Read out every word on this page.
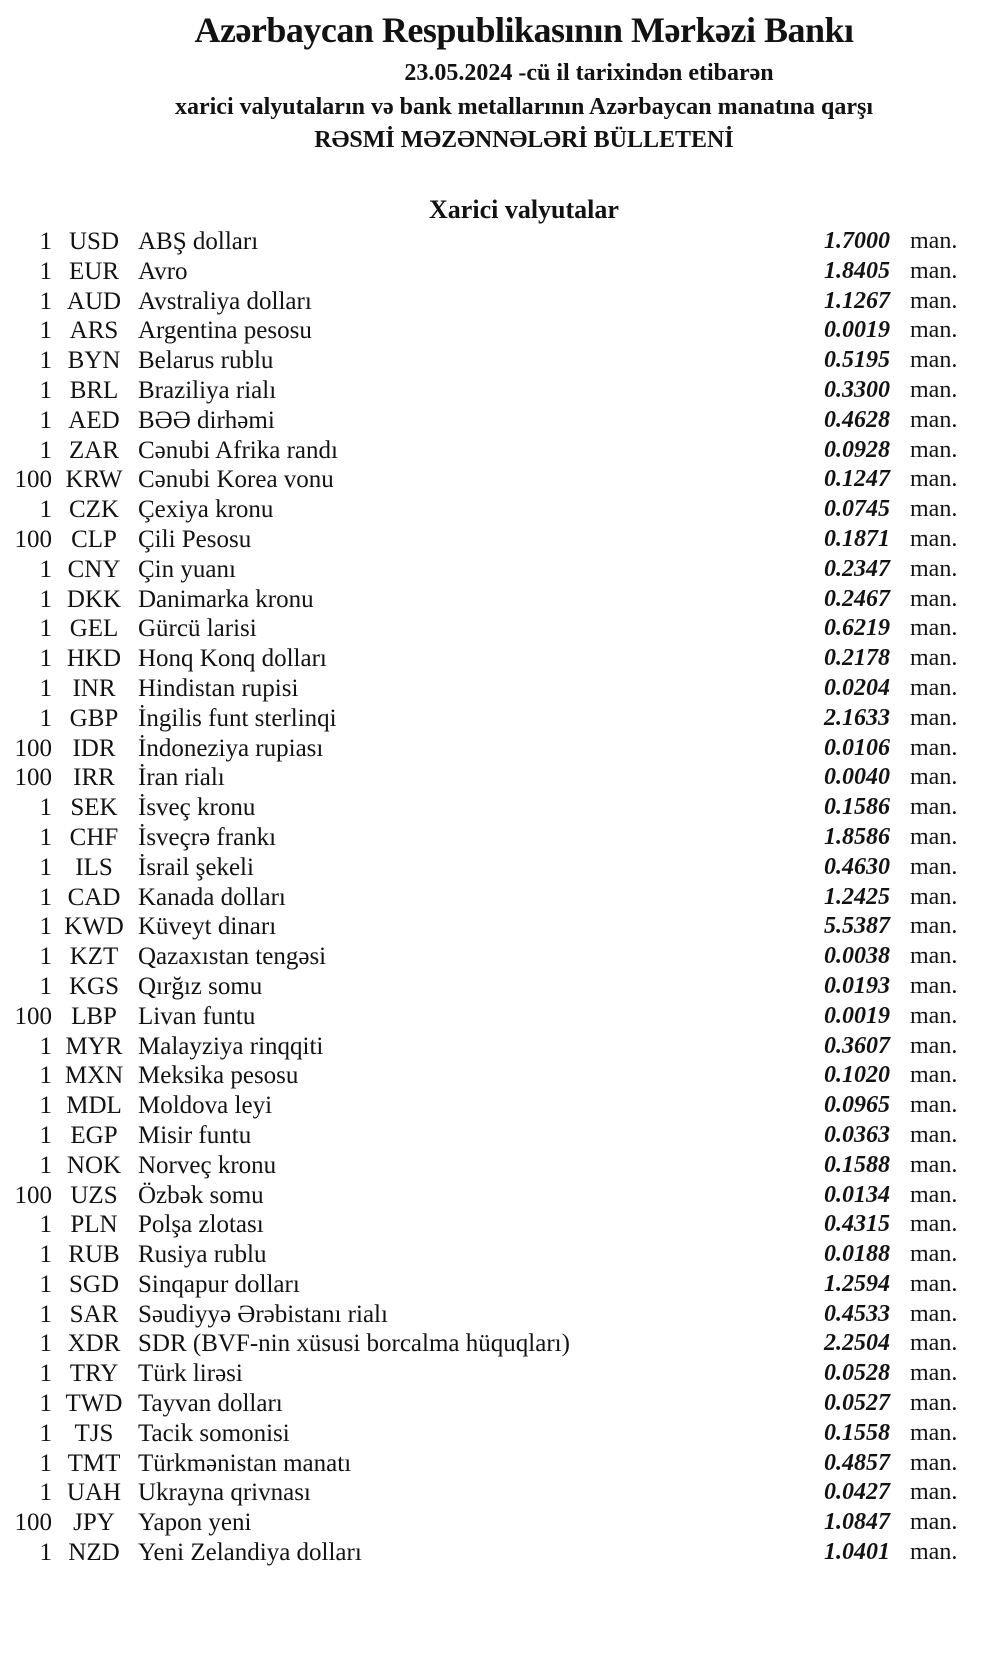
Azərbaycan Respublikasının Mərkəzi Bankı
23.05.2024 -cü il tarixindən etibarən
xarici valyutaların və bank metallarının Azərbaycan manatına qarşı
RƏSMİ MƏZƏNNƏLƏRİ BÜLLETENİ
Xarici valyutalar
1 USD ABŞ dolları	1.7000 man.
1 EUR Avro	1.8405 man.
1 AUD Avstraliya dolları	1.1267 man.
1 ARS Argentina pesosu	0.0019 man.
1 BYN Belarus rublu	0.5195 man.
1 BRL Braziliya rialı	0.3300 man.
1 AED BƏƏ dirhəmi	0.4628 man.
1 ZAR Cənubi Afrika randı	0.0928 man.
100 KRW Cənubi Korea vonu	0.1247 man.
1 CZK Çexiya kronu	0.0745 man.
100 CLP Çili Pesosu	0.1871 man.
1 CNY Çin yuanı	0.2347 man.
1 DKK Danimarka kronu	0.2467 man.
1 GEL Gürcü larisi	0.6219 man.
1 HKD Honq Konq dolları	0.2178 man.
1 INR Hindistan rupisi	0.0204 man.
1 GBP İngilis funt sterlinqi	2.1633 man.
100 IDR İndoneziya rupiası	0.0106 man.
100 IRR İran rialı	0.0040 man.
1 SEK İsveç kronu	0.1586 man.
1 CHF İsveçrə frankı	1.8586 man.
1 ILS	İsrail şekeli	0.4630 man.
1 CAD Kanada dolları	1.2425 man.
1 KWD Küveyt dinarı	5.5387 man.
1 KZT Qazaxıstan tengəsi	0.0038 man.
1 KGS Qırğız somu	0.0193 man.
100 LBP Livan funtu	0.0019 man.
1 MYR Malayziya rinqqiti	0.3607 man.
1 MXN Meksika pesosu	0.1020 man.
1 MDL Moldova leyi	0.0965 man.
1 EGP Misir funtu	0.0363 man.
1 NOK Norveç kronu	0.1588 man.
100 UZS Özbək somu	0.0134 man.
1 PLN Polşa zlotası	0.4315 man.
1 RUB Rusiya rublu	0.0188 man.
1 SGD Sinqapur dolları	1.2594 man.
1 SAR Səudiyyə Ərəbistanı rialı	0.4533 man.
1 XDR SDR (BVF-nin xüsusi borcalma hüquqları)	2.2504 man.
1 TRY Türk lirəsi	0.0528 man.
1 TWD Tayvan dolları	0.0527 man.
1 TJS Tacik somonisi	0.1558 man.
1 TMT Türkmənistan manatı	0.4857 man.
1 UAH Ukrayna qrivnası	0.0427 man.
100 JPY Yapon yeni	1.0847 man.
1 NZD Yeni Zelandiya dolları	1.0401 man.
